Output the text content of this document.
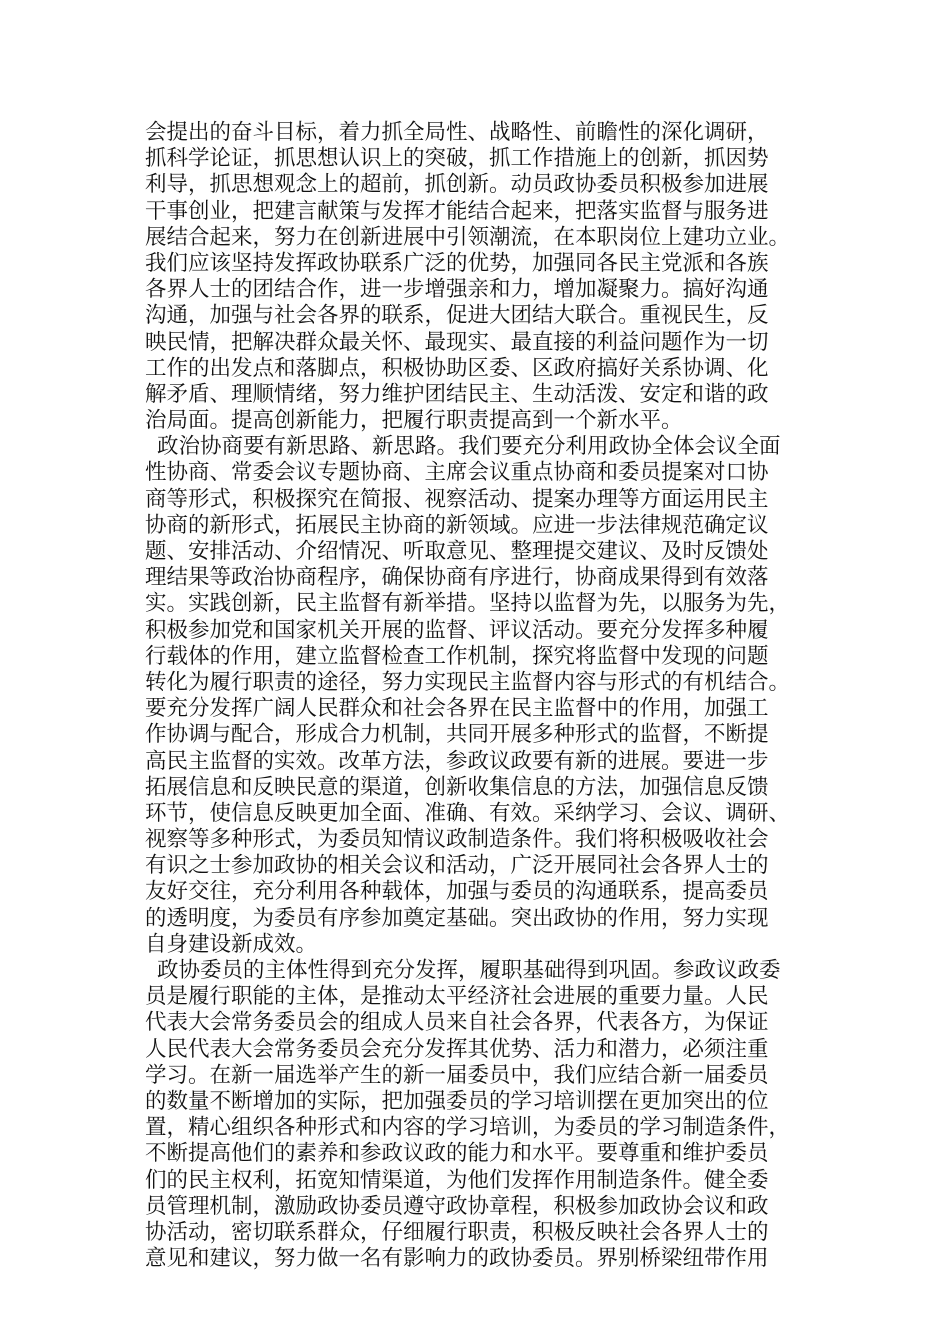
会提出的奋斗目标，着力抓全局性、战略性、前瞻性的深化调研，
抓科学论证，抓思想认识上的突破，抓工作措施上的创新，抓因势
利导，抓思想观念上的超前，抓创新。动员政协委员积极参加进展
干事创业，把建言献策与发挥才能结合起来，把落实监督与服务进
展结合起来，努力在创新进展中引领潮流，在本职岗位上建功立业。
我们应该坚持发挥政协联系广泛的优势，加强同各民主党派和各族
各界人士的团结合作，进一步增强亲和力，增加凝聚力。搞好沟通
沟通，加强与社会各界的联系，促进大团结大联合。重视民生，反
映民情，把解决群众最关怀、最现实、最直接的利益问题作为一切
工作的出发点和落脚点，积极协助区委、区政府搞好关系协调、化
解矛盾、理顺情绪，努力维护团结民主、生动活泼、安定和谐的政
治局面。提高创新能力，把履行职责提高到一个新水平。
政治协商要有新思路、新思路。我们要充分利用政协全体会议全面
性协商、常委会议专题协商、主席会议重点协商和委员提案对口协
商等形式，积极探究在简报、视察活动、提案办理等方面运用民主
协商的新形式，拓展民主协商的新领域。应进一步法律规范确定议
题、安排活动、介绍情况、听取意见、整理提交建议、及时反馈处
理结果等政治协商程序，确保协商有序进行，协商成果得到有效落
实。实践创新，民主监督有新举措。坚持以监督为先，以服务为先，
积极参加党和国家机关开展的监督、评议活动。要充分发挥多种履
行载体的作用，建立监督检查工作机制，探究将监督中发现的问题
转化为履行职责的途径，努力实现民主监督内容与形式的有机结合。
要充分发挥广阔人民群众和社会各界在民主监督中的作用，加强工
作协调与配合，形成合力机制，共同开展多种形式的监督，不断提
高民主监督的实效。改革方法，参政议政要有新的进展。要进一步
拓展信息和反映民意的渠道，创新收集信息的方法，加强信息反馈
环节，使信息反映更加全面、准确、有效。采纳学习、会议、调研、
视察等多种形式，为委员知情议政制造条件。我们将积极吸收社会
有识之士参加政协的相关会议和活动，广泛开展同社会各界人士的
友好交往，充分利用各种载体，加强与委员的沟通联系，提高委员
的透明度，为委员有序参加奠定基础。突出政协的作用，努力实现
自身建设新成效。
政协委员的主体性得到充分发挥，履职基础得到巩固。参政议政委
员是履行职能的主体，是推动太平经济社会进展的重要力量。人民
代表大会常务委员会的组成人员来自社会各界，代表各方，为保证
人民代表大会常务委员会充分发挥其优势、活力和潜力，必须注重
学习。在新一届选举产生的新一届委员中，我们应结合新一届委员
的数量不断增加的实际，把加强委员的学习培训摆在更加突出的位
置，精心组织各种形式和内容的学习培训，为委员的学习制造条件，
不断提高他们的素养和参政议政的能力和水平。要尊重和维护委员
们的民主权利，拓宽知情渠道，为他们发挥作用制造条件。健全委
员管理机制，激励政协委员遵守政协章程，积极参加政协会议和政
协活动，密切联系群众，仔细履行职责，积极反映社会各界人士的
意见和建议，努力做一名有影响力的政协委员。界别桥梁纽带作用
